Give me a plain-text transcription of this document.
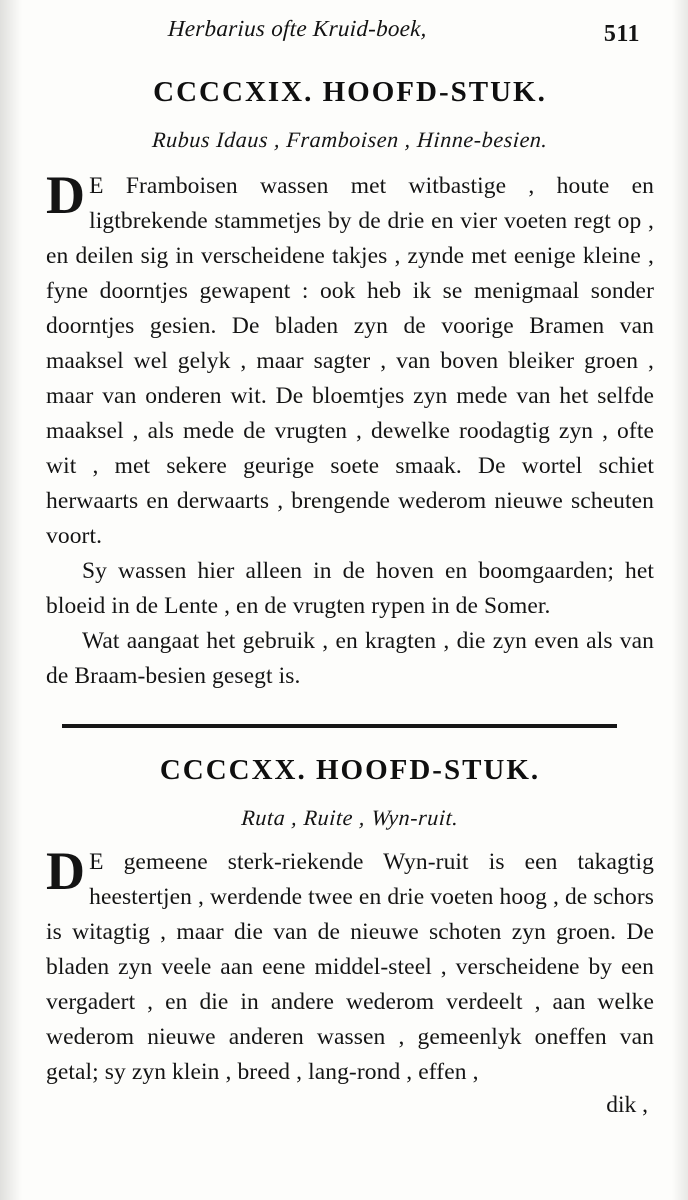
Herbarius ofte Kruid-boek,	511
CCCCXIX. HOOFD-STUK.
Rubus Idaus , Framboisen , Hinne-besien.

D E Framboisen wassen met witbastige , houte en ligtbrekende stammetjes by de drie en vier voeten regt op , en deilen sig in verscheidene takjes , zynde met eenige kleine , fyne doorntjes gewapent : ook heb ik se menigmaal sonder doorntjes gesien. De bladen zyn de voorige Bramen van maaksel wel gelyk , maar sagter , van boven bleiker groen , maar van onderen wit. De bloemtjes zyn mede van het selfde maaksel , als mede de vrugten , dewelke roodagtig zyn , ofte wit , met sekere geurige soete smaak. De wortel schiet herwaarts en derwaarts , brengende wederom nieuwe scheuten voort.

Sy wassen hier alleen in de hoven en boomgaarden; het bloeid in de Lente , en de vrugten rypen in de Somer.

Wat aangaat het gebruik , en kragten , die zyn even als van de Braam-besien gesegt is.

CCCCXX. HOOFD-STUK.
Ruta , Ruite , Wyn-ruit.

D E gemeene sterk-riekende Wyn-ruit is een takagtig heestertjen , werdende twee en drie voeten hoog , de schors is witagtig , maar die van de nieuwe schoten zyn groen. De bladen zyn veele aan eene middel-steel , verscheidene by een vergadert , en die in andere wederom verdeelt , aan welke wederom nieuwe anderen wassen , gemeenlyk oneffen van getal; sy zyn klein , breed , lang-rond , effen ,

dik ,
